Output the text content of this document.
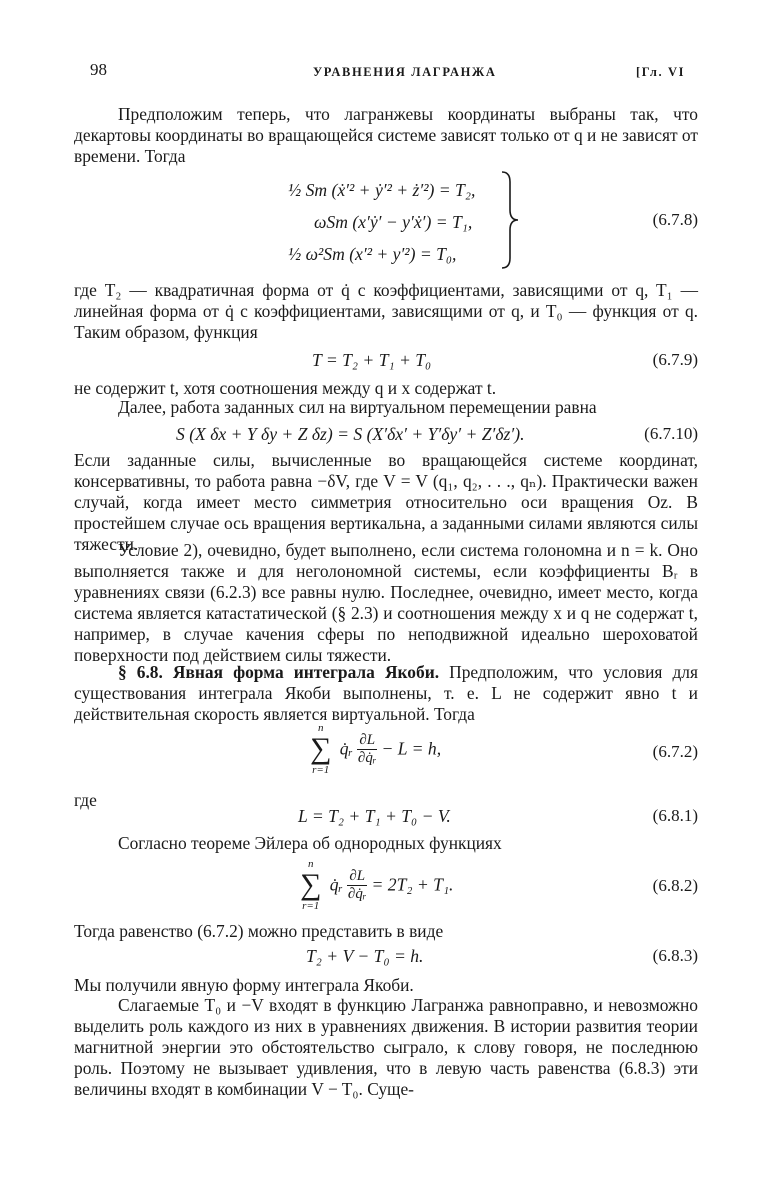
98	УРАВНЕНИЯ ЛАГРАНЖА	[Гл. VI
Предположим теперь, что лагранжевы координаты выбраны так, что декартовы координаты во вращающейся системе зависят только от q и не зависят от времени. Тогда
½ Sm (ẋ′² + ẏ′² + ż′²) = T₂,
ωSm (x′ẏ′ − y′ẋ′) = T₁,
½ ω²Sm (x′² + y′²) = T₀,
(6.7.8)
где T₂ — квадратичная форма от q̇ с коэффициентами, зависящими от q, T₁ — линейная форма от q̇ с коэффициентами, зависящими от q, и T₀ — функция от q. Таким образом, функция
T = T₂ + T₁ + T₀	(6.7.9)
не содержит t, хотя соотношения между q и x содержат t.
Далее, работа заданных сил на виртуальном перемещении равна
S (X δx + Y δy + Z δz) = S (X′δx′ + Y′δy′ + Z′δz′).	(6.7.10)
Если заданные силы, вычисленные во вращающейся системе координат, консервативны, то работа равна −δV, где V = V (q₁, q₂, . . ., qₙ). Практически важен случай, когда имеет место симметрия относительно оси вращения Oz. В простейшем случае ось вращения вертикальна, а заданными силами являются силы тяжести.
Условие 2), очевидно, будет выполнено, если система голономна и n = k. Оно выполняется также и для неголономной системы, если коэффициенты Bᵣ в уравнениях связи (6.2.3) все равны нулю. Последнее, очевидно, имеет место, когда система является катастатической (§ 2.3) и соотношения между x и q не содержат t, например, в случае качения сферы по неподвижной идеально шероховатой поверхности под действием силы тяжести.
§ 6.8. Явная форма интеграла Якоби. Предположим, что условия для существования интеграла Якоби выполнены, т. е. L не содержит явно t и действительная скорость является виртуальной. Тогда
n
∑
r=1
q̇ᵣ $\frac{\partial L}{\text{∂q̇ᵣ}} - L = h$,	(6.7.2)
где
L = T₂ + T₁ + T₀ − V.	(6.8.1)
Согласно теореме Эйлера об однородных функциях
n
∑
r=1
q̇ᵣ $\frac{\partial L}{\text{∂q̇ᵣ}} = 2T_2 + T_1$.	(6.8.2)
Тогда равенство (6.7.2) можно представить в виде
T₂ + V − T₀ = h.	(6.8.3)
Мы получили явную форму интеграла Якоби.
Слагаемые T₀ и −V входят в функцию Лагранжа равноправно, и невозможно выделить роль каждого из них в уравнениях движения. В истории развития теории магнитной энергии это обстоятельство сыграло, к слову говоря, не последнюю роль. Поэтому не вызывает удивления, что в левую часть равенства (6.8.3) эти величины входят в комбинации V − T₀. Суще-
